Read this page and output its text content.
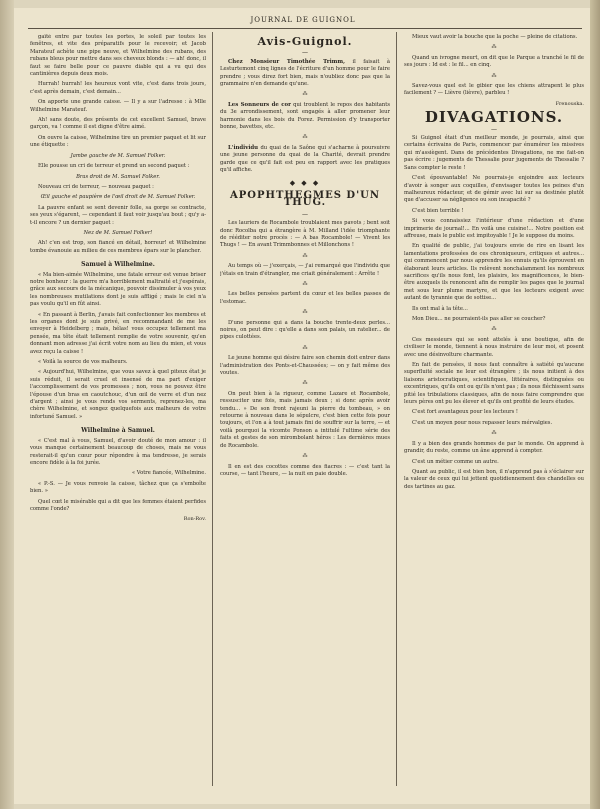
JOURNAL DE GUIGNOL

gaîté entre par toutes les portes, le soleil par toutes les fenêtres, et vite des préparatifs pour le recevoir; et Jacob Marateuf achète une pipe neuve, et Wilhelmine des rubans, des rubans bleus pour mettre dans ses cheveux blonds : — ah! donc, il faut se faire belle pour ce pauvre diable qui a vu qui des cantinières depuis deux mois.

Hurrah! hurrah! les heureux vont vite, c'est dans trois jours, c'est après demain, c'est demain...

On apporte une grande caisse. — Il y a sur l'adresse : à Mlle Wilhelmine Marateuf.

Ah! sans doute, des présents de cet excellent Samuel, brave garçon, va ! comme il est digne d'être aimé.

On ouvre la caisse, Wilhelmine tire un premier paquet et lit sur une étiquette :

Jambe gauche de M. Samuel Folker.

Elle pousse un cri de terreur et prend un second paquet :

Bras droit de M. Samuel Folker.

Nouveau cri de terreur, — nouveau paquet :

Œil gauche et paupière de l'œil droit de M. Samuel Folker.

La pauvre enfant se sent devenir folle, sa gorge se contracte, ses yeux s'égarent, — cependant il faut voir jusqu'au bout ; qu'y a-t-il encore ? un dernier paquet :

Nez de M. Samuel Folker!

Ah! c'en est trop, son fiancé en détail, horreur! et Wilhelmine tombe évanouie au milieu de ces membres épars sur le plancher.

Samuel à Wilhelmine.

« Ma bien-aimée Wilhelmine, une fatale erreur est venue briser notre bonheur : la guerre m'a horriblement maltraité et j'espérais, grâce aux secours de la mécanique, pouvoir dissimuler à vos yeux les nombreuses mutilations dont je suis affligé ; mais le ciel n'a pas voulu qu'il en fût ainsi.

« En passant à Berlin, j'avais fait confectionner les membres et les organes dont je suis privé, en recommandant de me les envoyer à Heidelberg ; mais, hélas! vous occupez tellement ma pensée, ma tête était tellement remplie de votre souvenir, qu'en donnant mon adresse j'ai écrit votre nom au lieu du mien, et vous avez reçu la caisse !

« Voilà la source de vos malheurs.

« Aujourd'hui, Wilhelmine, que vous savez à quel piteux état je suis réduit, il serait cruel et insensé de ma part d'exiger l'accomplissement de vos promesses ; non, vous ne pouvez être l'épouse d'un bras en caoutchouc, d'un œil de verre et d'un nez d'argent ; ainsi je vous rends vos serments, reprenez-les, ma chère Wilhelmine, et songez quelquefois aux malheurs de votre infortuné Samuel. »

Wilhelmine à Samuel.

« C'est mal à vous, Samuel, d'avoir douté de mon amour : il vous manque certainement beaucoup de choses, mais ne vous resterait-il qu'un cœur pour répondre à ma tendresse, je serais encore fidèle à la foi jurée.

« Votre fiancée, Wilhelmine.

« P.-S. — Je vous renvoie la caisse, tâchez que ça s'emboîte bien. »

Quel cœt le misérable qui a dit que les femmes étaient perfides comme l'onde?

Ron-Rov.

Avis-Guignol.
—

Chez Monsieur Timothée Trimm, il faisait à Lesturtemont cinq lignes de l'écriture d'un homme pour le faire prendre ; vous direz fort bien, mais n'oubliez donc pas que la grammaire n'en demande qu'une.

⁂

Les Sonneurs de cor qui troublent le repos des habitants du 3e arrondissement, sont engagés à aller promener leur harmonie dans les bois du Forez. Permission d'y transporter bonne, bavettes, etc.

⁂

L'individu du quai de la Saône qui s'acharne à poursuivre une jeune personne du quai de la Charité, devrait prendre garde que ce qu'il fait est peu en rapport avec les pratiques qu'il affiche.

◆ ◆ ◆
APOPHTHEGMES D'UN THUG.
—

Les lauriers de Rocambole troublaient mes pavots ; bent soit donc Rocolba qui a étrangère à M. Milland l'idée triomphante de rééditer notre procès : — A bas Rocambole! — Vivent les Thugs ! — En avant Trimmbonnes et Millonchons !

⁂

Au temps où — j'exerçais, — j'ai remarqué que l'individu que j'étais en train d'étrangler, me criait généralement : Arrête !

⁂

Les belles pensées partent du cœur et les belles passes de l'estomac.

⁂

D'une personne qui a dans la bouche trente-deux perles... noires, on peut dire : qu'elle a dans son palais, un ratelier... de pipes culottées.

⁂

Le jeune homme qui désire faire son chemin doit entrer dans l'administration des Ponts-et-Chaussées; — on y fait même des voutes.

⁂

On peut bien à la rigueur, comme Lazare et Rocambole, ressusciter une fois, mais jamais deux ; si donc après avoir tendu... » De son front rajeuni la pierre du tombeau, » on retourne à nouveau dans le sépulcre, c'est bien cette fois pour toujours, et l'on a à tout jamais fini de souffrir sur la terre, — et voilà pourquoi la vicomte Ponson a intitulé l'ultime série des faits et gestes de son mirombolant héros : Les dernières mues de Rocambole.

⁂

Il en est des cocottes comme des fiacres : — c'est tant la course, — tant l'heure, — la nuit en paie double.

Mieux vaut avoir la bouche que la poche — pleine de citations.

⁂

Quand un ivrogne meurt, on dit que le Parque a tranché le fil de ses jours : Id est : le fil... en cinq.

⁂

Savez-vous quel est le gibier que les chiens attrapent le plus facilement ? — Lièvre (lièvre), parbleu !

Frenouska.

DIVAGATIONS.
—

Si Guignol était d'un meilleur monde, je pourrais, ainsi que certains écrivains de Paris, commencer par énumérer les missives qui m'assiègent. Dans de précédentes Divagations, ne me fait-on pas écrire : jugements de Thessalie pour jugements de Thessalie ? Sans compter le reste !

C'est épouvantable! Ne pourrais-je enjoindre aux lecteurs d'avoir à songer aux coquilles, d'envisager toutes les peines d'un malheureux rédacteur, et de gémir avec lui sur sa destinée plutôt que d'accuser sa négligence ou son incapacité ?

C'est bien terrible !

Si vous connaissiez l'intérieur d'une rédaction et d'une imprimerie de journal!... En voilà une cuisine!... Notre position est affreuse, mais le public est impitoyable ! Je le suppose du moins.

En qualité de public, j'ai toujours envie de rire en lisant les lamentations professées de ces chroniqueurs, critiques et autres... qui commencent par nous apprendre les ennuis qu'ils éprouvent en élaborant leurs articles. Ils relèvent nonchalamment les nombreux sacrifices qu'ils nous font, les plaisirs, les magnificences, le bien-être auxquels ils renoncent afin de remplir les pages que le journal met sous leur plume martyre, et que les lecteurs exigent avec autant de tyrannie que de sottise...

Ils ont mal à la tête...

Mon Dieu... ne pourraient-ils pas aller se coucher?

⁂

Ces messieurs qui se sont attelés à une boutique, afin de civiliser le monde, tiennent à nous instruire de leur moi, et posent avec une désinvolture charmante.

En fait de pensées, il nous faut connaître à satiété qu'aucune superfluité sociale ne leur est étrangère ; ils nous initient à des liaisons aristocratiques, scientifiques, littéraires, distinguées ou excentriques, qu'ils ont ou qu'ils n'ont pas ; ils nous fléchissent sans pitié les tribulations classiques, afin de nous faire comprendre que leurs pères ont pu les élever et qu'ils ont profité de leurs études.

C'est fort avantageux pour les lecteurs !

C'est un moyen pour nous repasser leurs mérvalgies.

⁂

Il y a bien des grands hommes de par le monde. On apprend à grandir, du reste, comme un âne apprend à compter.

C'est un métier comme un autre.

Quant au public, il est bien bon, il n'apprend pas à s'éclairer sur la valeur de ceux qui lui jettent quotidiennement des chandelles ou des tartines au gaz.
